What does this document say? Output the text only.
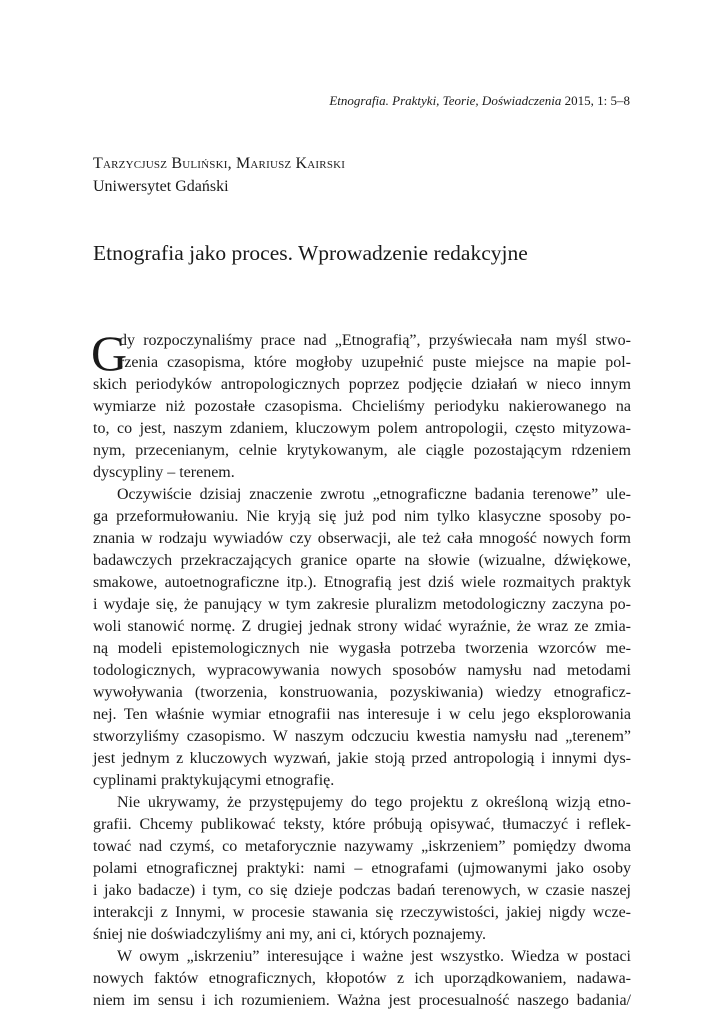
Etnografia. Praktyki, Teorie, Doświadczenia 2015, 1: 5–8
Tarzycjusz Buliński, Mariusz Kairski
Uniwersytet Gdański
Etnografia jako proces. Wprowadzenie redakcyjne
G
dy rozpoczynaliśmy prace nad „Etnografią”, przyświecała nam myśl stwo-
rzenia czasopisma, które mogłoby uzupełnić puste miejsce na mapie pol-
skich periodyków antropologicznych poprzez podjęcie działań w nieco innym
wymiarze niż pozostałe czasopisma. Chcieliśmy periodyku nakierowanego na
to, co jest, naszym zdaniem, kluczowym polem antropologii, często mityzowa-
nym, przecenianym, celnie krytykowanym, ale ciągle pozostającym rdzeniem
dyscypliny – terenem.
Oczywiście dzisiaj znaczenie zwrotu „etnograficzne badania terenowe” ule-
ga przeformułowaniu. Nie kryją się już pod nim tylko klasyczne sposoby po-
znania w rodzaju wywiadów czy obserwacji, ale też cała mnogość nowych form
badawczych przekraczających granice oparte na słowie (wizualne, dźwiękowe,
smakowe, autoetnograficzne itp.). Etnografią jest dziś wiele rozmaitych praktyk
i wydaje się, że panujący w tym zakresie pluralizm metodologiczny zaczyna po-
woli stanowić normę. Z drugiej jednak strony widać wyraźnie, że wraz ze zmia-
ną modeli epistemologicznych nie wygasła potrzeba tworzenia wzorców me-
todologicznych, wypracowywania nowych sposobów namysłu nad metodami
wywoływania (tworzenia, konstruowania, pozyskiwania) wiedzy etnograficz-
nej. Ten właśnie wymiar etnografii nas interesuje i w celu jego eksplorowania
stworzyliśmy czasopismo. W naszym odczuciu kwestia namysłu nad „terenem”
jest jednym z kluczowych wyzwań, jakie stoją przed antropologią i innymi dys-
cyplinami praktykującymi etnografię.
Nie ukrywamy, że przystępujemy do tego projektu z określoną wizją etno-
grafii. Chcemy publikować teksty, które próbują opisywać, tłumaczyć i reflek-
tować nad czymś, co metaforycznie nazywamy „iskrzeniem” pomiędzy dwoma
polami etnograficznej praktyki: nami – etnografami (ujmowanymi jako osoby
i jako badacze) i tym, co się dzieje podczas badań terenowych, w czasie naszej
interakcji z Innymi, w procesie stawania się rzeczywistości, jakiej nigdy wcze-
śniej nie doświadczyliśmy ani my, ani ci, których poznajemy.
W owym „iskrzeniu” interesujące i ważne jest wszystko. Wiedza w postaci
nowych faktów etnograficznych, kłopotów z ich uporządkowaniem, nadawa-
niem im sensu i ich rozumieniem. Ważna jest procesualność naszego badania/
